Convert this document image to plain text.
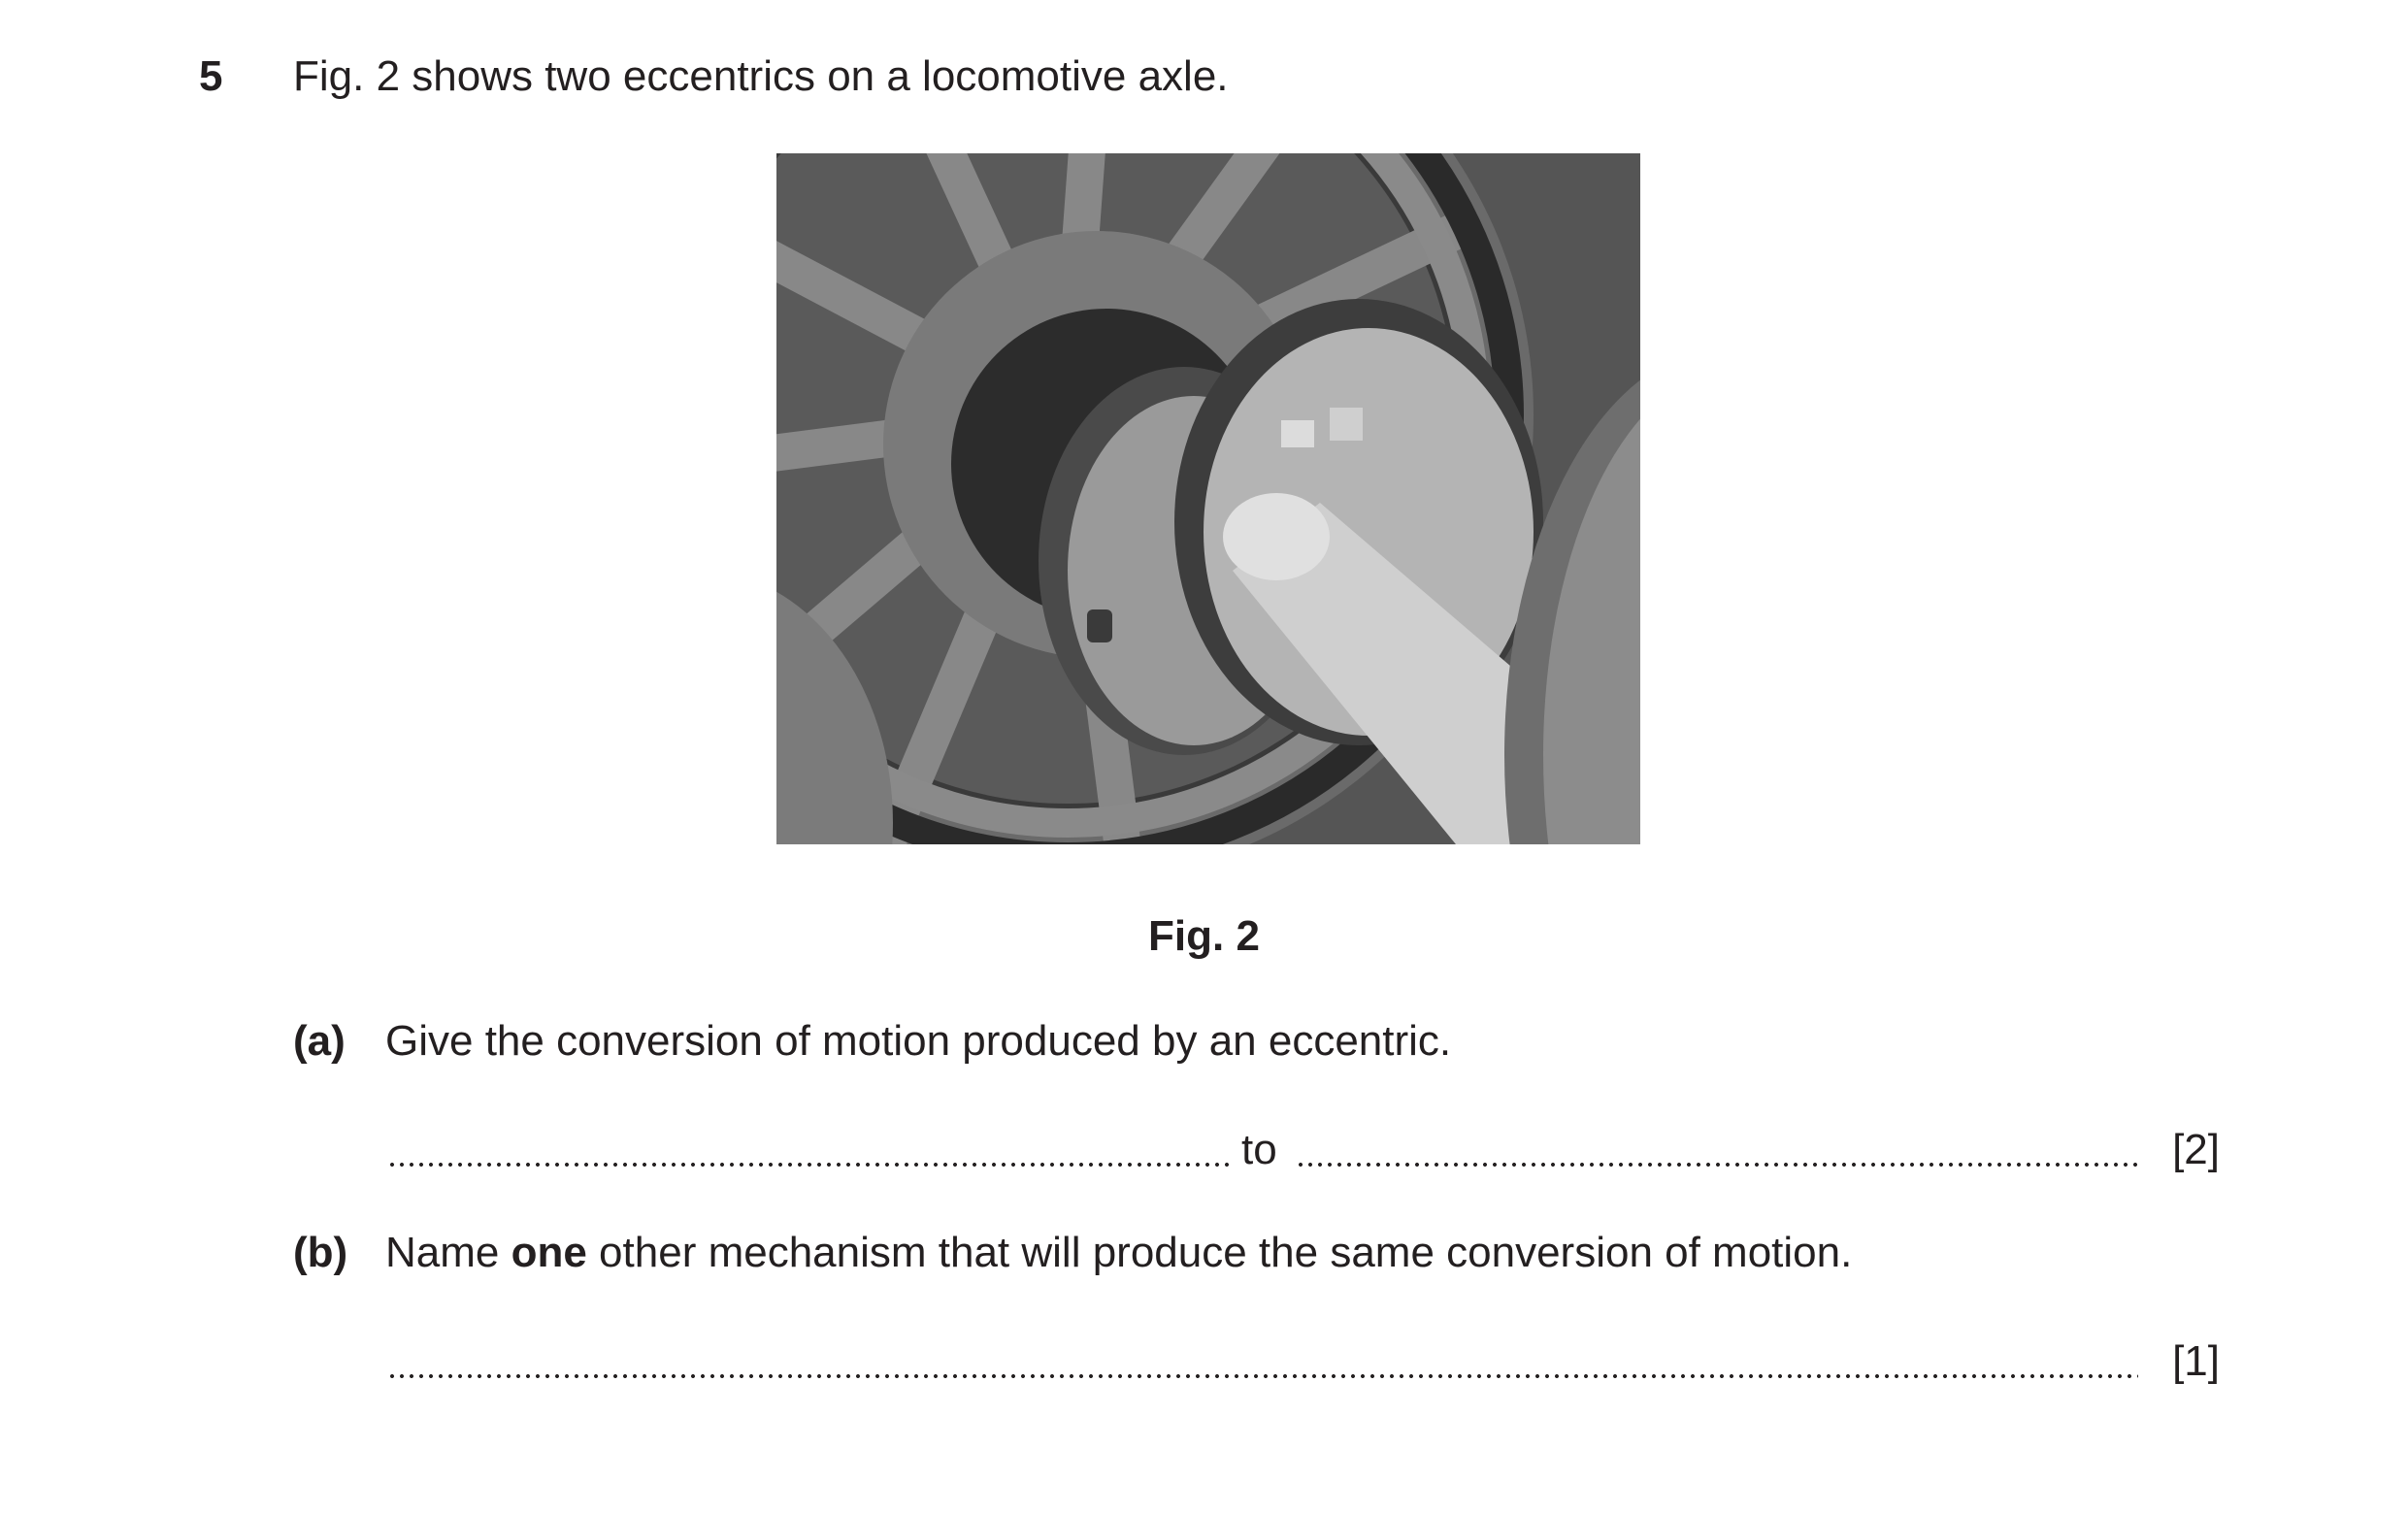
5 Fig. 2 shows two eccentrics on a locomotive axle.
Fig. 2
(a) Give the conversion of motion produced by an eccentric.
to	[2]
(b) Name one other mechanism that will produce the same conversion of motion.
[1]
